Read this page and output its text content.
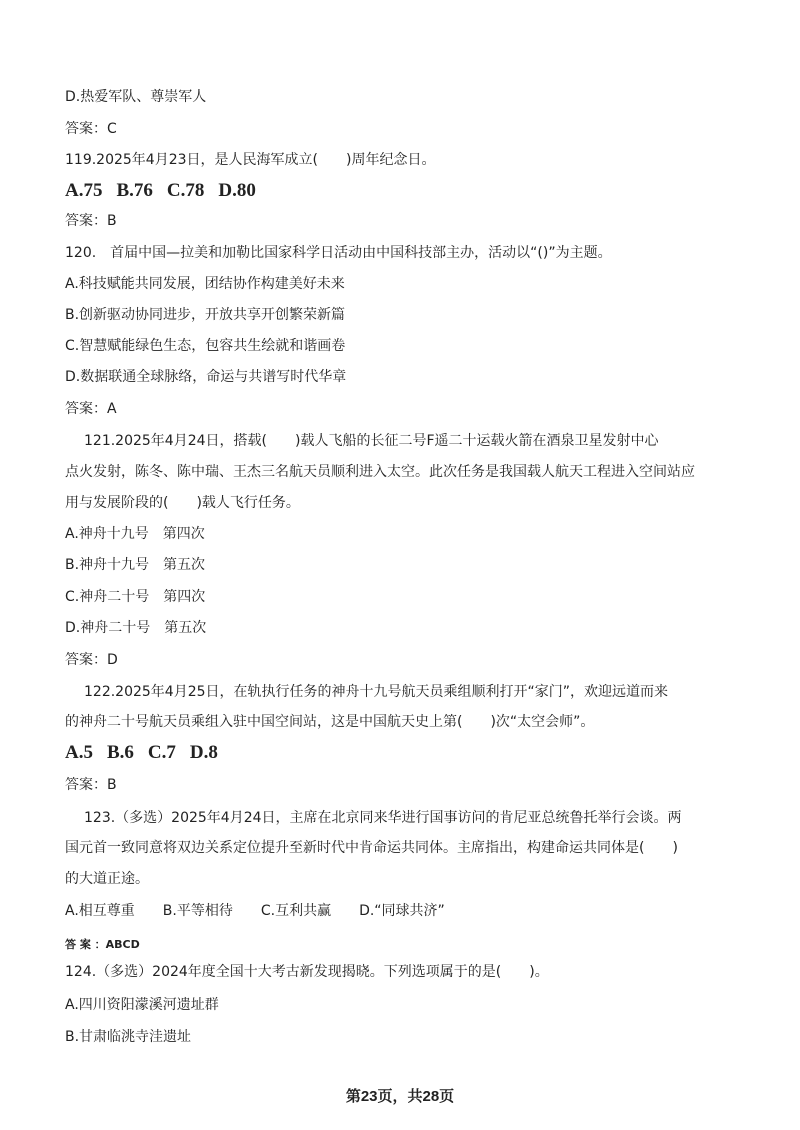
D.热爱军队、尊崇军人
答案：C
119.2025年4月23日，是人民海军成立(　　)周年纪念日。
A.75 B.76 C.78 D.80
答案：B
120.　首届中国—拉美和加勒比国家科学日活动由中国科技部主办，活动以“()”为主题。
A.科技赋能共同发展，团结协作构建美好未来
B.创新驱动协同进步，开放共享开创繁荣新篇
C.智慧赋能绿色生态，包容共生绘就和谐画卷
D.数据联通全球脉络，命运与共谱写时代华章
答案：A
121.2025年4月24日，搭载(　　)载人飞船的长征二号F遥二十运载火箭在酒泉卫星发射中心
点火发射，陈冬、陈中瑞、王杰三名航天员顺利进入太空。此次任务是我国载人航天工程进入空间站应
用与发展阶段的(　　)载人飞行任务。
A.神舟十九号　第四次
B.神舟十九号　第五次
C.神舟二十号　第四次
D.神舟二十号　第五次
答案：D
122.2025年4月25日，在轨执行任务的神舟十九号航天员乘组顺利打开“家门”，欢迎远道而来
的神舟二十号航天员乘组入驻中国空间站，这是中国航天史上第(　　)次“太空会师”。
A.5 B.6 C.7 D.8
答案：B
123.（多选）2025年4月24日，主席在北京同来华进行国事访问的肯尼亚总统鲁托举行会谈。两
国元首一致同意将双边关系定位提升至新时代中肯命运共同体。主席指出，构建命运共同体是(　　)
的大道正途。
A.相互尊重 B.平等相待 C.互利共赢 D.“同球共济”
答 案 ：ABCD
124.（多选）2024年度全国十大考古新发现揭晓。下列选项属于的是(　　)。
A.四川资阳濛溪河遗址群
B.甘肃临洮寺洼遗址
第23页，共28页
